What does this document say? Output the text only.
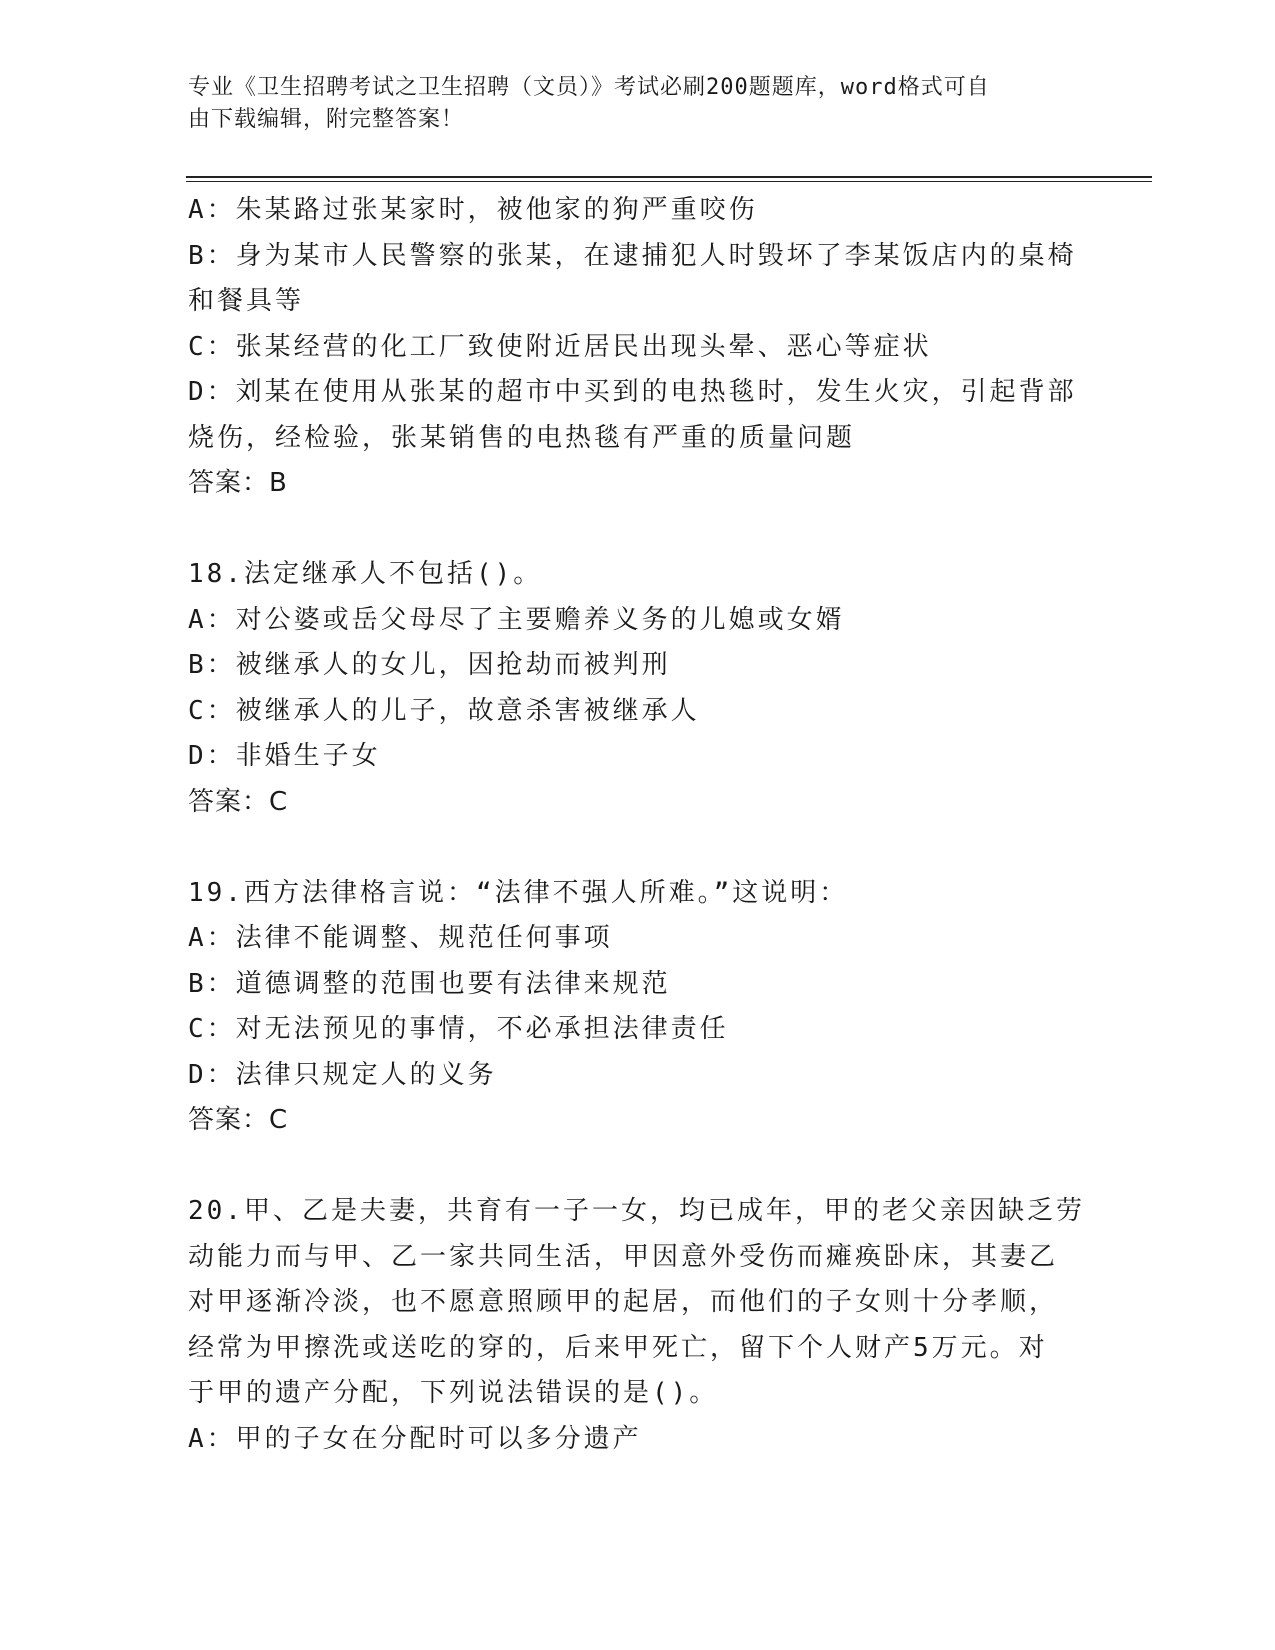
专业《卫生招聘考试之卫生招聘（文员）》考试必刷200题题库，word格式可自
由下载编辑，附完整答案！
A：朱某路过张某家时，被他家的狗严重咬伤
B：身为某市人民警察的张某，在逮捕犯人时毁坏了李某饭店内的桌椅
和餐具等
C：张某经营的化工厂致使附近居民出现头晕、恶心等症状
D：刘某在使用从张某的超市中买到的电热毯时，发生火灾，引起背部
烧伤，经检验，张某销售的电热毯有严重的质量问题
答案：B
18.法定继承人不包括()。
A：对公婆或岳父母尽了主要赡养义务的儿媳或女婿
B：被继承人的女儿，因抢劫而被判刑
C：被继承人的儿子，故意杀害被继承人
D：非婚生子女
答案：C
19.西方法律格言说：“法律不强人所难。”这说明：
A：法律不能调整、规范任何事项
B：道德调整的范围也要有法律来规范
C：对无法预见的事情，不必承担法律责任
D：法律只规定人的义务
答案：C
20.甲、乙是夫妻，共育有一子一女，均已成年，甲的老父亲因缺乏劳
动能力而与甲、乙一家共同生活，甲因意外受伤而瘫痪卧床，其妻乙
对甲逐渐冷淡，也不愿意照顾甲的起居，而他们的子女则十分孝顺，
经常为甲擦洗或送吃的穿的，后来甲死亡，留下个人财产5万元。对
于甲的遗产分配，下列说法错误的是()。
A：甲的子女在分配时可以多分遗产
